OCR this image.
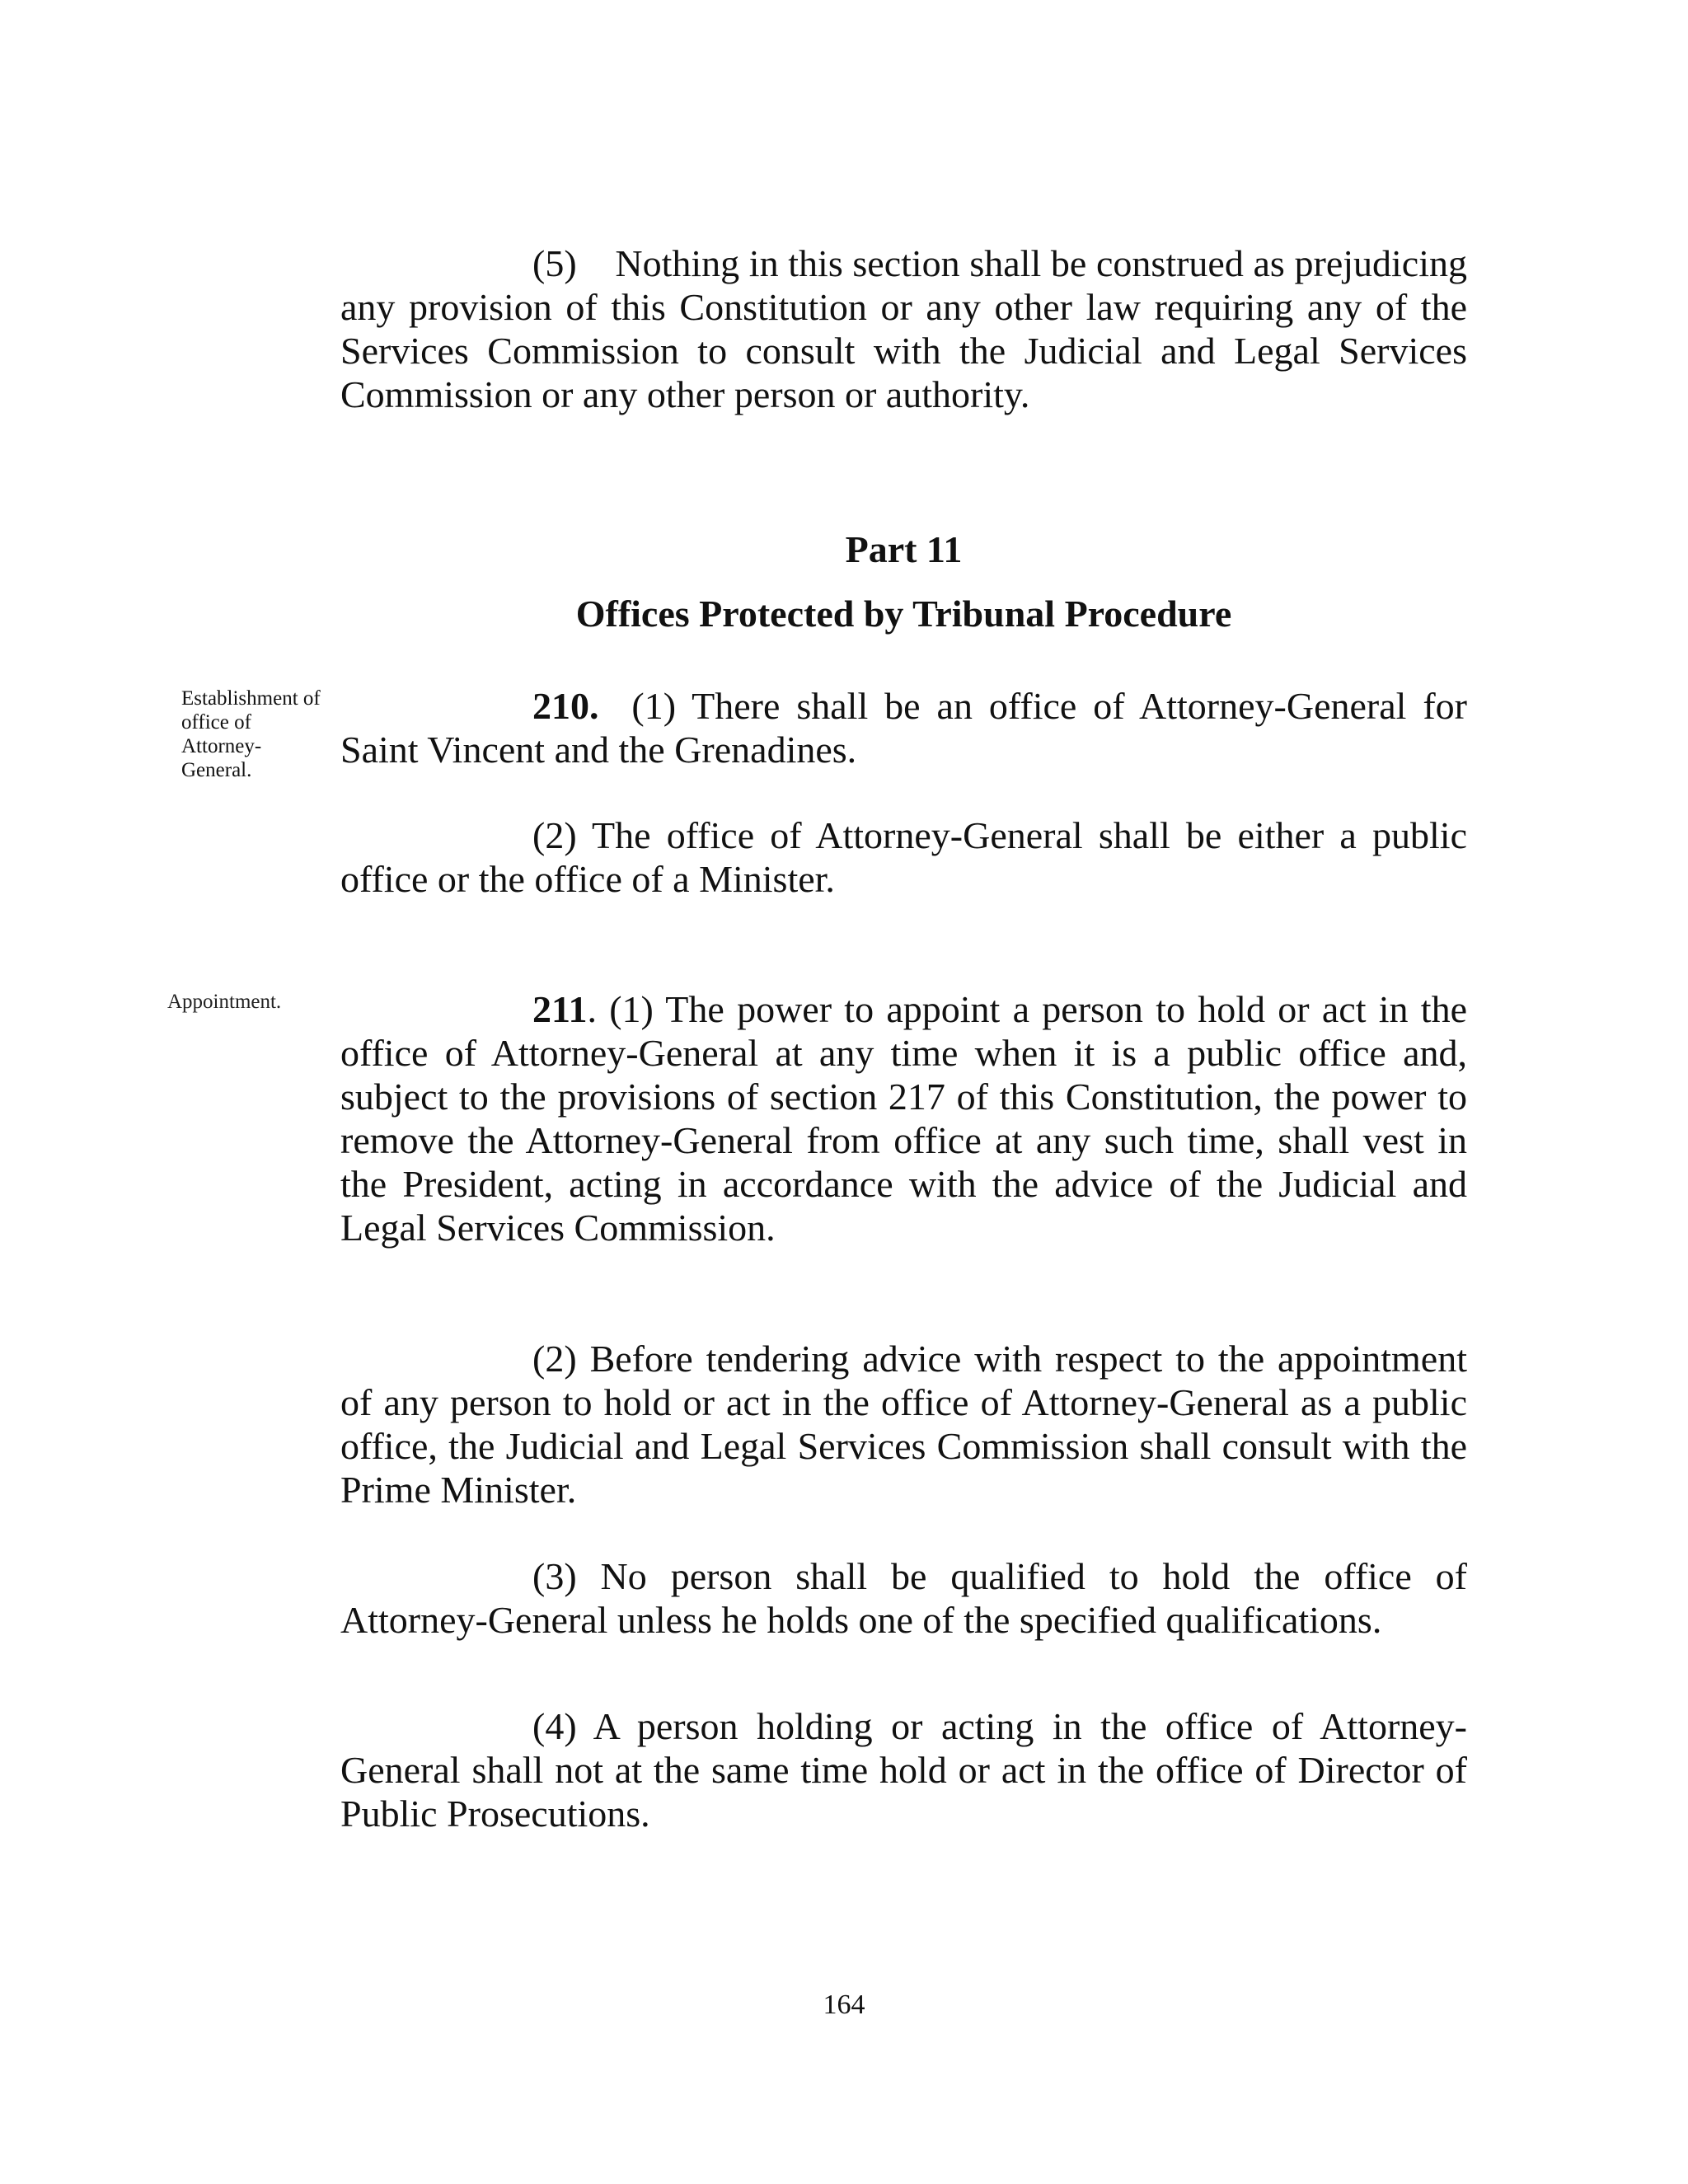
(5) Nothing in this section shall be construed as prejudicing any provision of this Constitution or any other law requiring any of the Services Commission to consult with the Judicial and Legal Services Commission or any other person or authority.

Part 11
Offices Protected by Tribunal Procedure

Establishment of office of Attorney-General.

210. (1) There shall be an office of Attorney-General for Saint Vincent and the Grenadines.

(2) The office of Attorney-General shall be either a public office or the office of a Minister.

Appointment.	211. (1) The power to appoint a person to hold or act in the office of Attorney-General at any time when it is a public office and, subject to the provisions of section 217 of this Constitution, the power to remove the Attorney-General from office at any such time, shall vest in the President, acting in accordance with the advice of the Judicial and Legal Services Commission.

(2) Before tendering advice with respect to the appointment of any person to hold or act in the office of Attorney-General as a public office, the Judicial and Legal Services Commission shall consult with the Prime Minister.

(3) No person shall be qualified to hold the office of Attorney-General unless he holds one of the specified qualifications.

(4) A person holding or acting in the office of Attorney-General shall not at the same time hold or act in the office of Director of Public Prosecutions.

164
